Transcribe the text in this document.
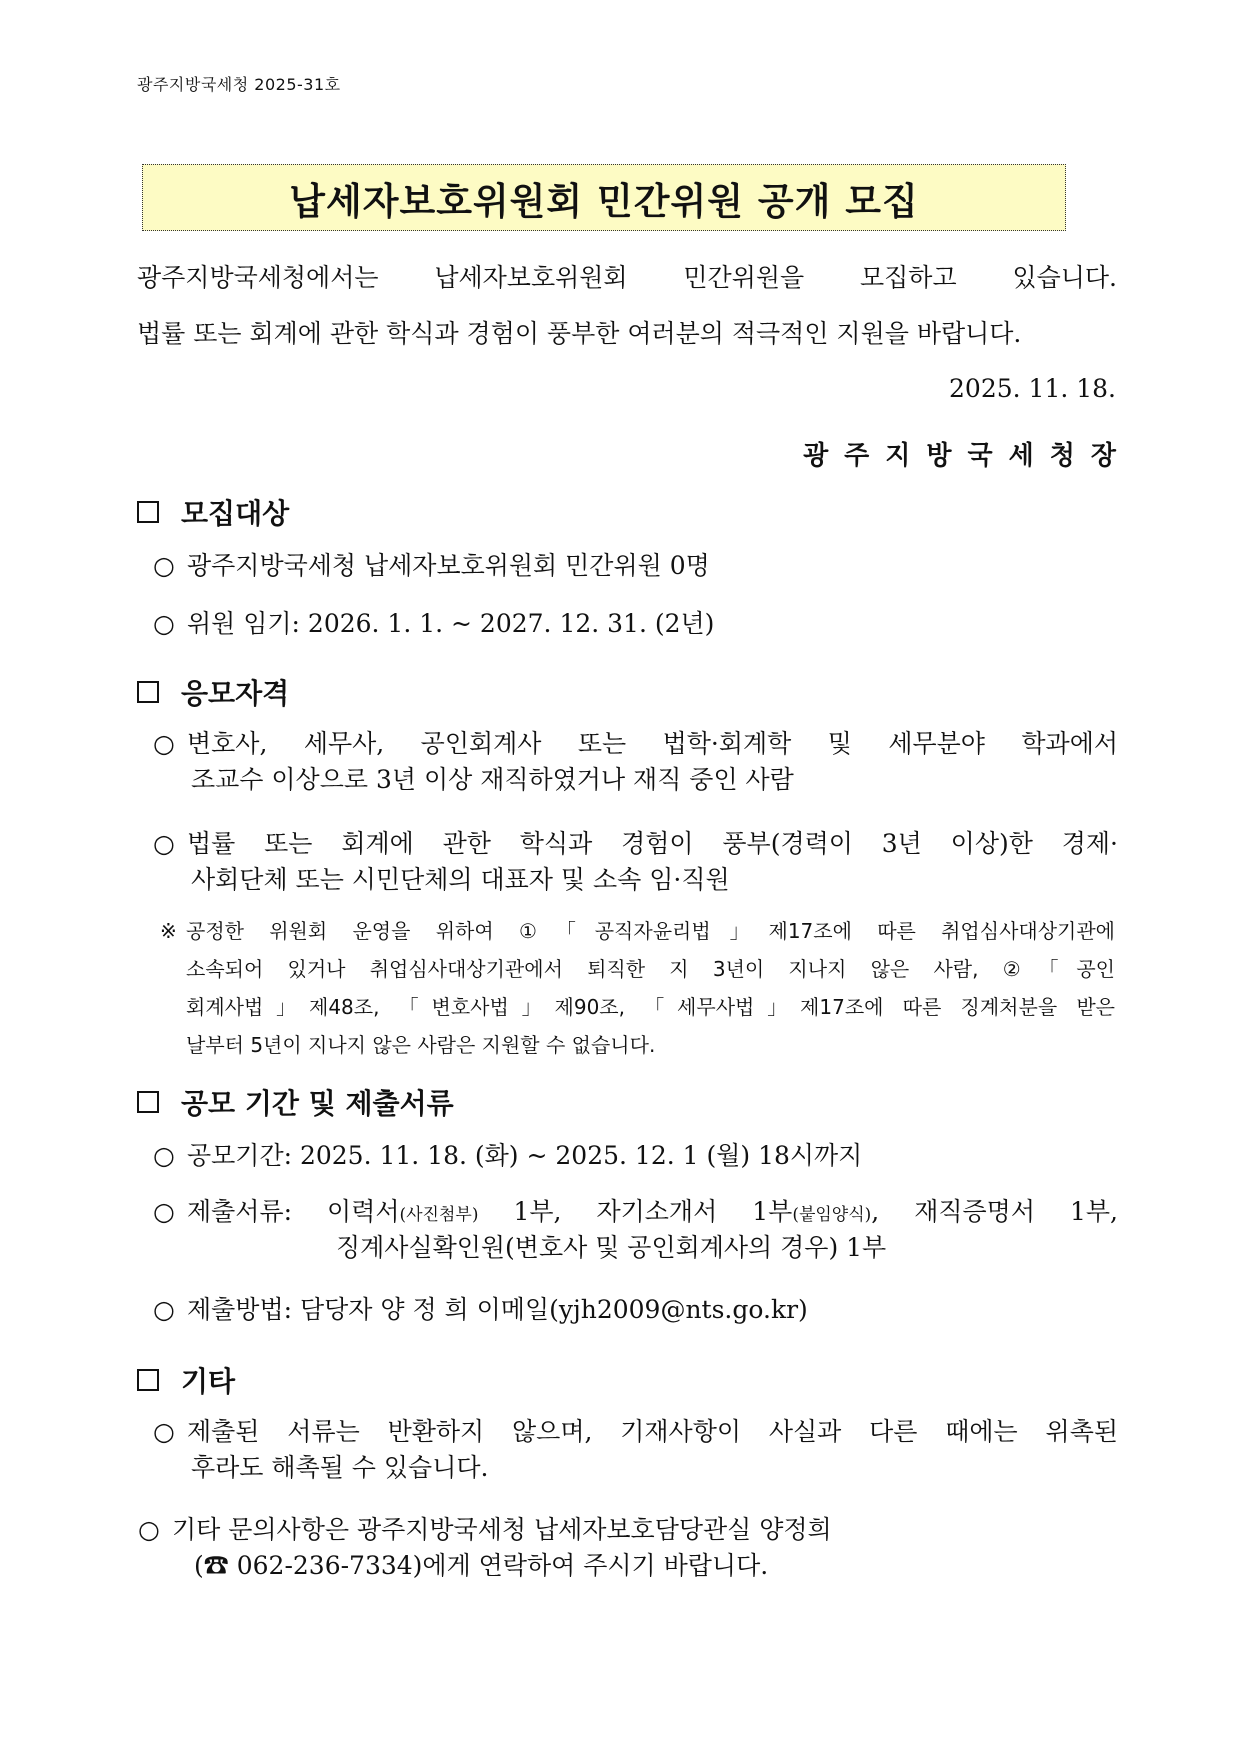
광주지방국세청 2025-31호
납세자보호위원회 민간위원 공개 모집
광주지방국세청에서는 납세자보호위원회 민간위원을 모집하고 있습니다.
법률 또는 회계에 관한 학식과 경험이 풍부한 여러분의 적극적인 지원을 바랍니다.
2025. 11. 18.
광주지방국세청장
모집대상
○ 광주지방국세청 납세자보호위원회 민간위원 0명
○ 위원 임기: 2026. 1. 1. ~ 2027. 12. 31. (2년)
응모자격
○ 변호사, 세무사, 공인회계사 또는 법학·회계학 및 세무분야 학과에서
조교수 이상으로 3년 이상 재직하였거나 재직 중인 사람
○ 법률 또는 회계에 관한 학식과 경험이 풍부(경력이 3년 이상)한 경제·
사회단체 또는 시민단체의 대표자 및 소속 임·직원
※ 공정한 위원회 운영을 위하여 ①「공직자윤리법」제17조에 따른 취업심사대상기관에
소속되어 있거나 취업심사대상기관에서 퇴직한 지 3년이 지나지 않은 사람, ②「공인
회계사법」제48조, 「변호사법」제90조, 「세무사법」제17조에 따른 징계처분을 받은
날부터 5년이 지나지 않은 사람은 지원할 수 없습니다.
공모 기간 및 제출서류
○ 공모기간: 2025. 11. 18. (화) ~ 2025. 12. 1 (월) 18시까지
○ 제출서류: 이력서(사진첨부) 1부, 자기소개서 1부(붙임양식), 재직증명서 1부,
징계사실확인원(변호사 및 공인회계사의 경우) 1부
○ 제출방법: 담당자 양 정 희 이메일(yjh2009@nts.go.kr)
기타
○ 제출된 서류는 반환하지 않으며, 기재사항이 사실과 다른 때에는 위촉된
후라도 해촉될 수 있습니다.
○ 기타 문의사항은 광주지방국세청 납세자보호담당관실 양정희
(☎ 062-236-7334)에게 연락하여 주시기 바랍니다.
